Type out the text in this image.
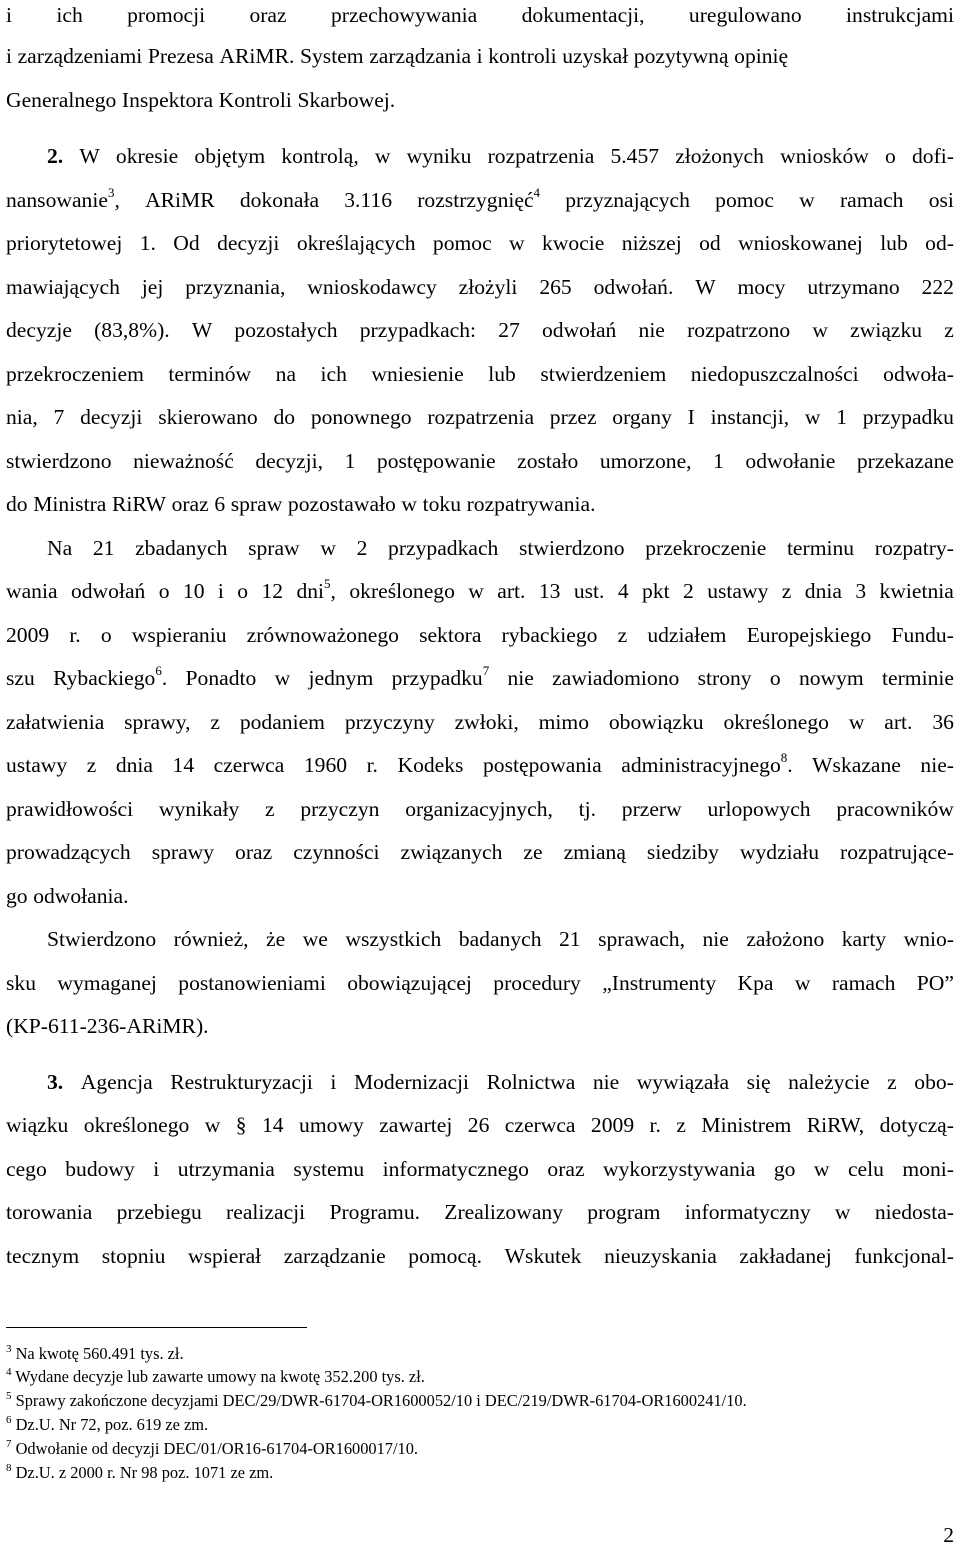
i ich promocji oraz przechowywania dokumentacji, uregulowano instrukcjami
i zarządzeniami Prezesa ARiMR. System zarządzania i kontroli uzyskał pozytywną opinię
Generalnego Inspektora Kontroli Skarbowej.
2. W okresie objętym kontrolą, w wyniku rozpatrzenia 5.457 złożonych wniosków o dofi-
nansowanie$^3$, ARiMR dokonała 3.116 rozstrzygnięć$^4$ przyznających pomoc w ramach osi
priorytetowej 1. Od decyzji określających pomoc w kwocie niższej od wnioskowanej lub od-
mawiających jej przyznania, wnioskodawcy złożyli 265 odwołań. W mocy utrzymano 222
decyzje (83,8%). W pozostałych przypadkach: 27 odwołań nie rozpatrzono w związku z
przekroczeniem terminów na ich wniesienie lub stwierdzeniem niedopuszczalności odwoła-
nia, 7 decyzji skierowano do ponownego rozpatrzenia przez organy I instancji, w 1 przypadku
stwierdzono nieważność decyzji, 1 postępowanie zostało umorzone, 1 odwołanie przekazane
do Ministra RiRW oraz 6 spraw pozostawało w toku rozpatrywania.
Na 21 zbadanych spraw w 2 przypadkach stwierdzono przekroczenie terminu rozpatry-
wania odwołań o 10 i o 12 dni$^5$, określonego w art. 13 ust. 4 pkt 2 ustawy z dnia 3 kwietnia
2009 r. o wspieraniu zrównoważonego sektora rybackiego z udziałem Europejskiego Fundu-
szu Rybackiego$^6$. Ponadto w jednym przypadku$^7$ nie zawiadomiono strony o nowym terminie
załatwienia sprawy, z podaniem przyczyny zwłoki, mimo obowiązku określonego w art. 36
ustawy z dnia 14 czerwca 1960 r. Kodeks postępowania administracyjnego$^8$. Wskazane nie-
prawidłowości wynikały z przyczyn organizacyjnych, tj. przerw urlopowych pracowników
prowadzących sprawy oraz czynności związanych ze zmianą siedziby wydziału rozpatrujące-
go odwołania.
Stwierdzono również, że we wszystkich badanych 21 sprawach, nie założono karty wnio-
sku wymaganej postanowieniami obowiązującej procedury „Instrumenty Kpa w ramach PO”
(KP-611-236-ARiMR).
3. Agencja Restrukturyzacji i Modernizacji Rolnictwa nie wywiązała się należycie z obo-
wiązku określonego w § 14 umowy zawartej 26 czerwca 2009 r. z Ministrem RiRW, dotyczą-
cego budowy i utrzymania systemu informatycznego oraz wykorzystywania go w celu moni-
torowania przebiegu realizacji Programu. Zrealizowany program informatyczny w niedosta-
tecznym stopniu wspierał zarządzanie pomocą. Wskutek nieuzyskania zakładanej funkcjonal-
$^3$ Na kwotę 560.491 tys. zł.
$^4$ Wydane decyzje lub zawarte umowy na kwotę 352.200 tys. zł.
$^5$ Sprawy zakończone decyzjami DEC/29/DWR-61704-OR1600052/10 i DEC/219/DWR-61704-OR1600241/10.
$^6$ Dz.U. Nr 72, poz. 619 ze zm.
$^7$ Odwołanie od decyzji DEC/01/OR16-61704-OR1600017/10.
$^8$ Dz.U. z 2000 r. Nr 98 poz. 1071 ze zm.
2
